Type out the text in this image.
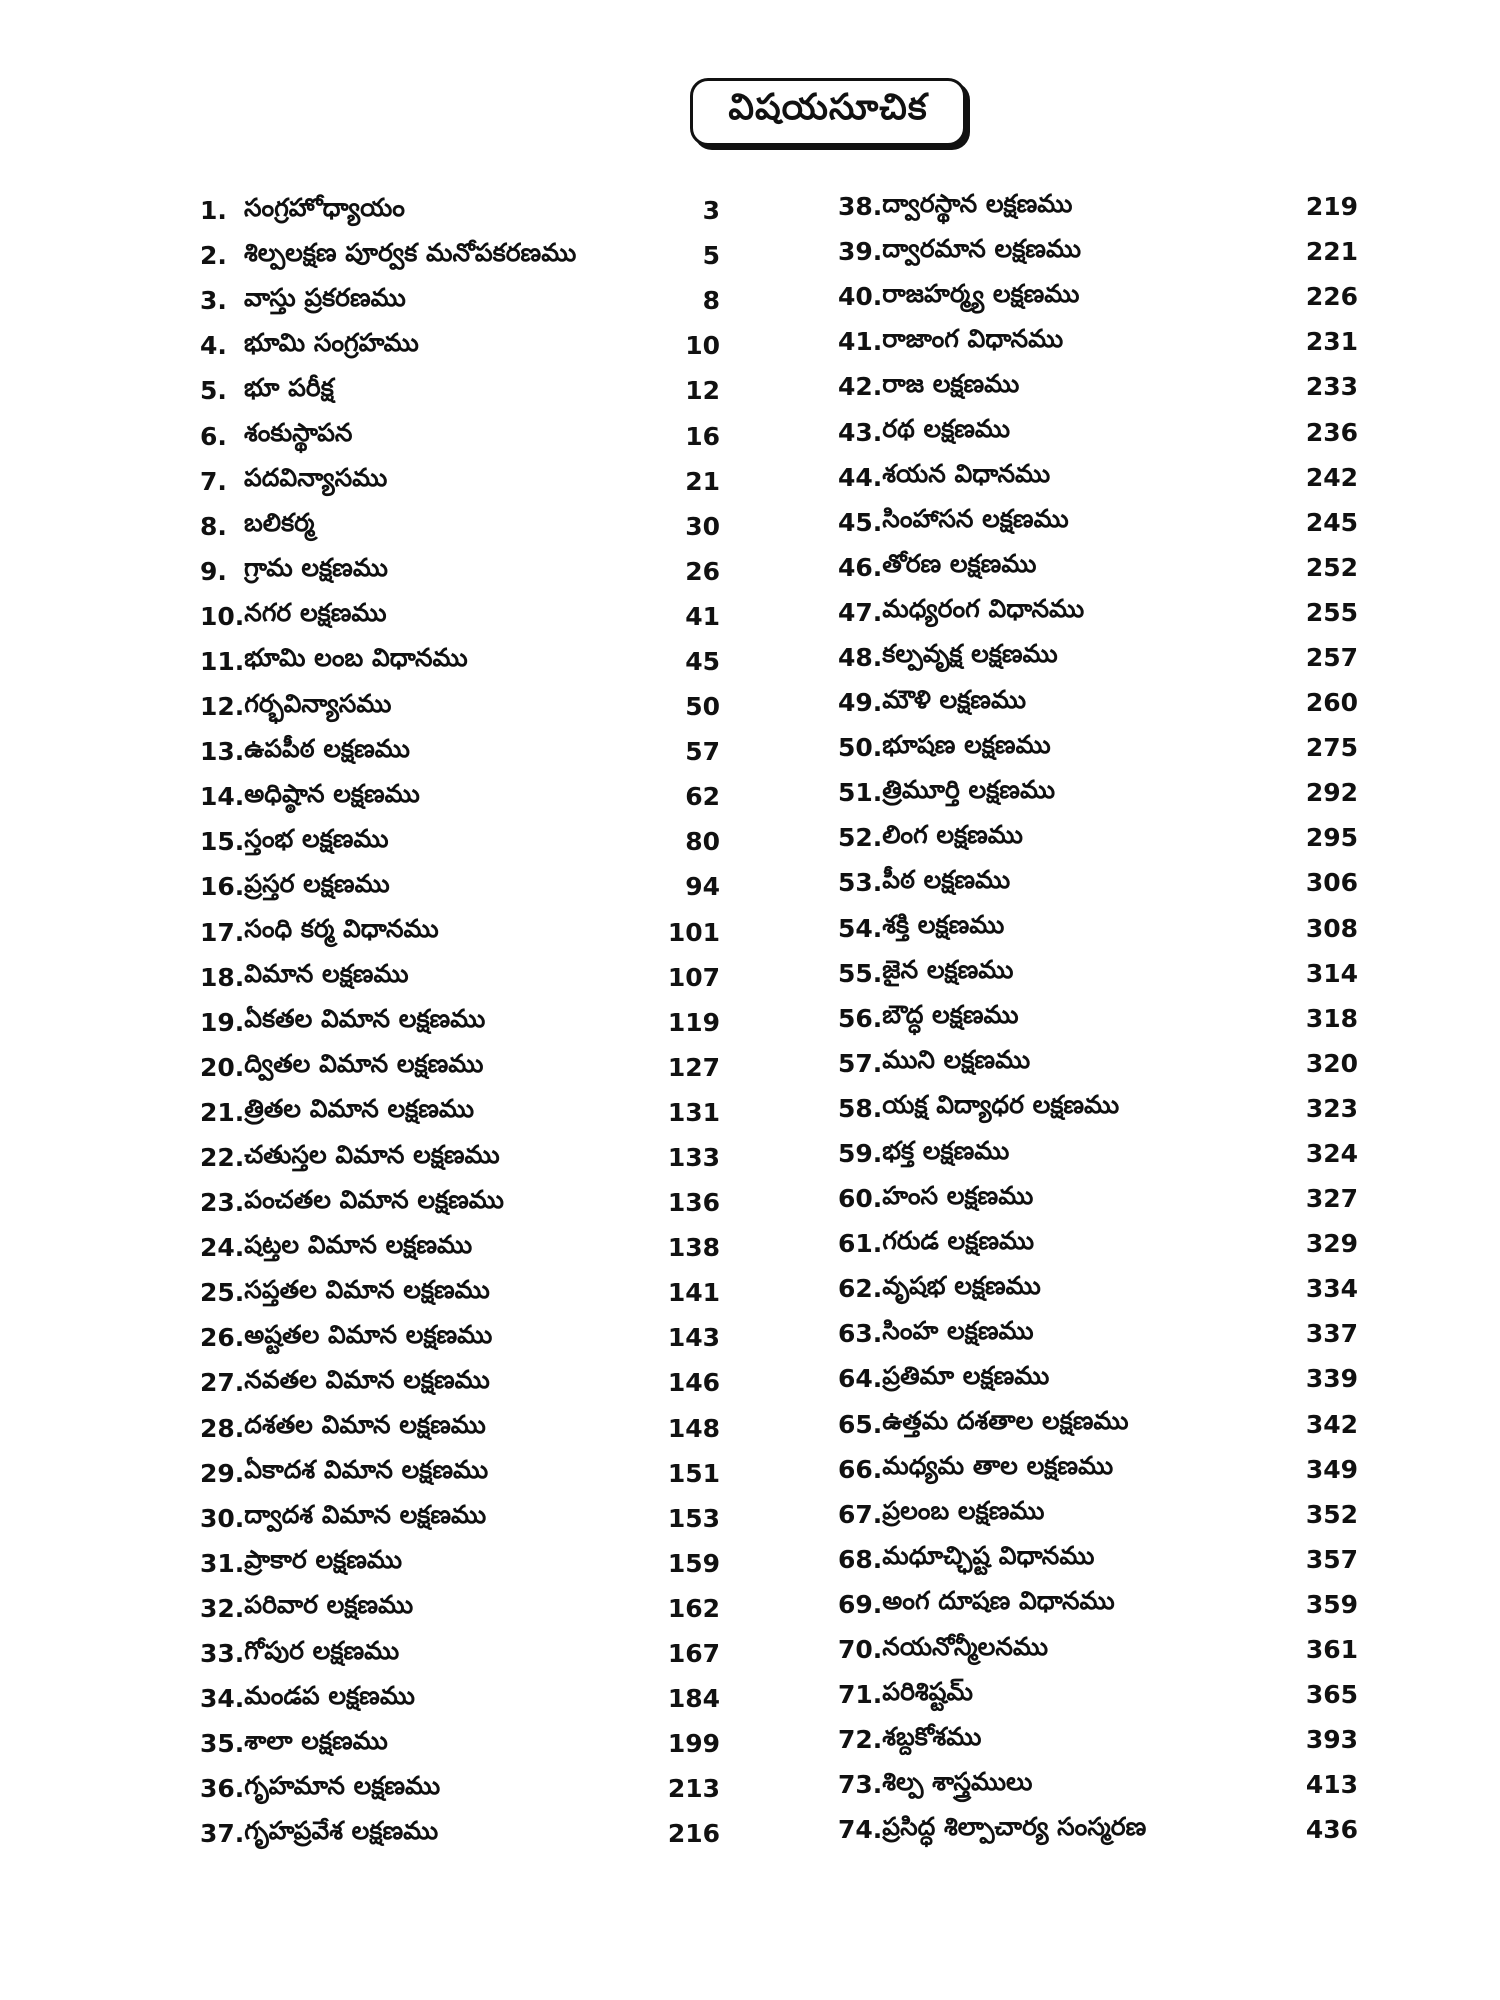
విషయసూచిక
1. సంగ్రహోధ్యాయం	3
2. శిల్పలక్షణ పూర్వక మనోపకరణము	5
3. వాస్తు ప్రకరణము	8
4. భూమి సంగ్రహము	10
5. భూ పరీక్ష	12
6. శంకుస్థాపన	16
7. పదవిన్యాసము	21
8. బలికర్మ	30
9. గ్రామ లక్షణము	26
10. నగర లక్షణము	41
11. భూమి లంబ విధానము	45
12. గర్భవిన్యాసము	50
13. ఉపపీఠ లక్షణము	57
14. అధిష్ఠాన లక్షణము	62
15. స్తంభ లక్షణము	80
16. ప్రస్తర లక్షణము	94
17. సంధి కర్మ విధానము	101
18. విమాన లక్షణము	107
19. ఏకతల విమాన లక్షణము	119
20. ద్వితల విమాన లక్షణము	127
21. త్రితల విమాన లక్షణము	131
22. చతుస్తల విమాన లక్షణము	133
23. పంచతల విమాన లక్షణము	136
24. షట్తల విమాన లక్షణము	138
25. సప్తతల విమాన లక్షణము	141
26. అష్టతల విమాన లక్షణము	143
27. నవతల విమాన లక్షణము	146
28. దశతల విమాన లక్షణము	148
29. ఏకాదశ విమాన లక్షణము	151
30. ద్వాదశ విమాన లక్షణము	153
31. ప్రాకార లక్షణము	159
32. పరివార లక్షణము	162
33. గోపుర లక్షణము	167
34. మండప లక్షణము	184
35. శాలా లక్షణము	199
36. గృహమాన లక్షణము	213
37. గృహప్రవేశ లక్షణము	216
38. ద్వారస్థాన లక్షణము	219
39. ద్వారమాన లక్షణము	221
40. రాజహర్మ్య లక్షణము	226
41. రాజాంగ విధానము	231
42. రాజ లక్షణము	233
43. రథ లక్షణము	236
44. శయన విధానము	242
45. సింహాసన లక్షణము	245
46. తోరణ లక్షణము	252
47. మధ్యరంగ విధానము	255
48. కల్పవృక్ష లక్షణము	257
49. మౌళి లక్షణము	260
50. భూషణ లక్షణము	275
51. త్రిమూర్తి లక్షణము	292
52. లింగ లక్షణము	295
53. పీఠ లక్షణము	306
54. శక్తి లక్షణము	308
55. జైన లక్షణము	314
56. బౌద్ధ లక్షణము	318
57. ముని లక్షణము	320
58. యక్ష విద్యాధర లక్షణము	323
59. భక్త లక్షణము	324
60. హంస లక్షణము	327
61. గరుడ లక్షణము	329
62. వృషభ లక్షణము	334
63. సింహ లక్షణము	337
64. ప్రతిమా లక్షణము	339
65. ఉత్తమ దశతాల లక్షణము	342
66. మధ్యమ తాల లక్షణము	349
67. ప్రలంబ లక్షణము	352
68. మధూచ్ఛిష్ట విధానము	357
69. అంగ దూషణ విధానము	359
70. నయనోన్మీలనము	361
71. పరిశిష్టమ్	365
72. శబ్దకోశము	393
73. శిల్ప శాస్త్రములు	413
74. ప్రసిద్ధ శిల్పాచార్య సంస్మరణ	436
